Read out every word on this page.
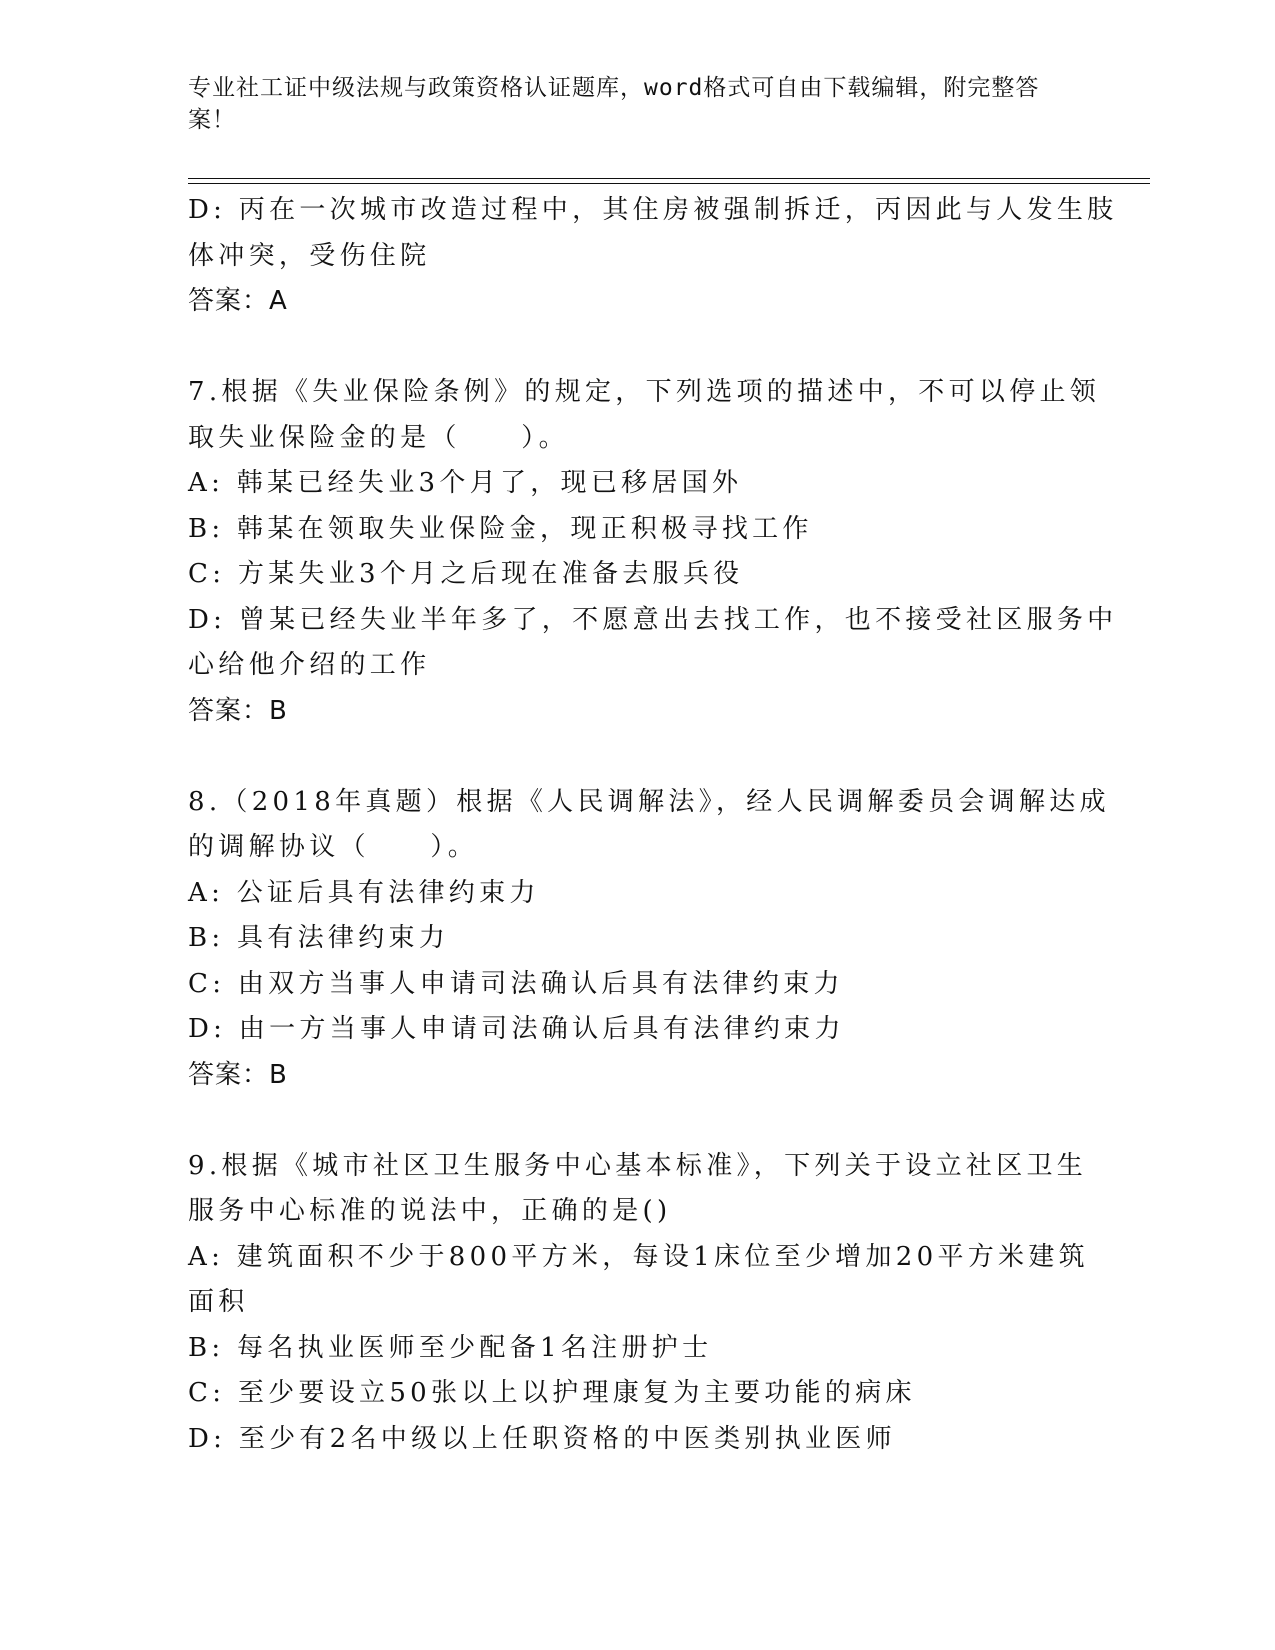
专业社工证中级法规与政策资格认证题库，word格式可自由下载编辑，附完整答案！
D: 丙在一次城市改造过程中，其住房被强制拆迁，丙因此与人发生肢
体冲突，受伤住院
答案：A
7.根据《失业保险条例》的规定，下列选项的描述中，不可以停止领
取失业保险金的是（　　）。
A: 韩某已经失业3个月了，现已移居国外
B: 韩某在领取失业保险金，现正积极寻找工作
C: 方某失业3个月之后现在准备去服兵役
D: 曾某已经失业半年多了，不愿意出去找工作，也不接受社区服务中
心给他介绍的工作
答案：B
8.（2018年真题）根据《人民调解法》，经人民调解委员会调解达成
的调解协议（　　）。
A: 公证后具有法律约束力
B: 具有法律约束力
C: 由双方当事人申请司法确认后具有法律约束力
D: 由一方当事人申请司法确认后具有法律约束力
答案：B
9.根据《城市社区卫生服务中心基本标准》，下列关于设立社区卫生
服务中心标准的说法中，正确的是()
A: 建筑面积不少于800平方米，每设1床位至少增加20平方米建筑
面积
B: 每名执业医师至少配备1名注册护士
C: 至少要设立50张以上以护理康复为主要功能的病床
D: 至少有2名中级以上任职资格的中医类别执业医师
